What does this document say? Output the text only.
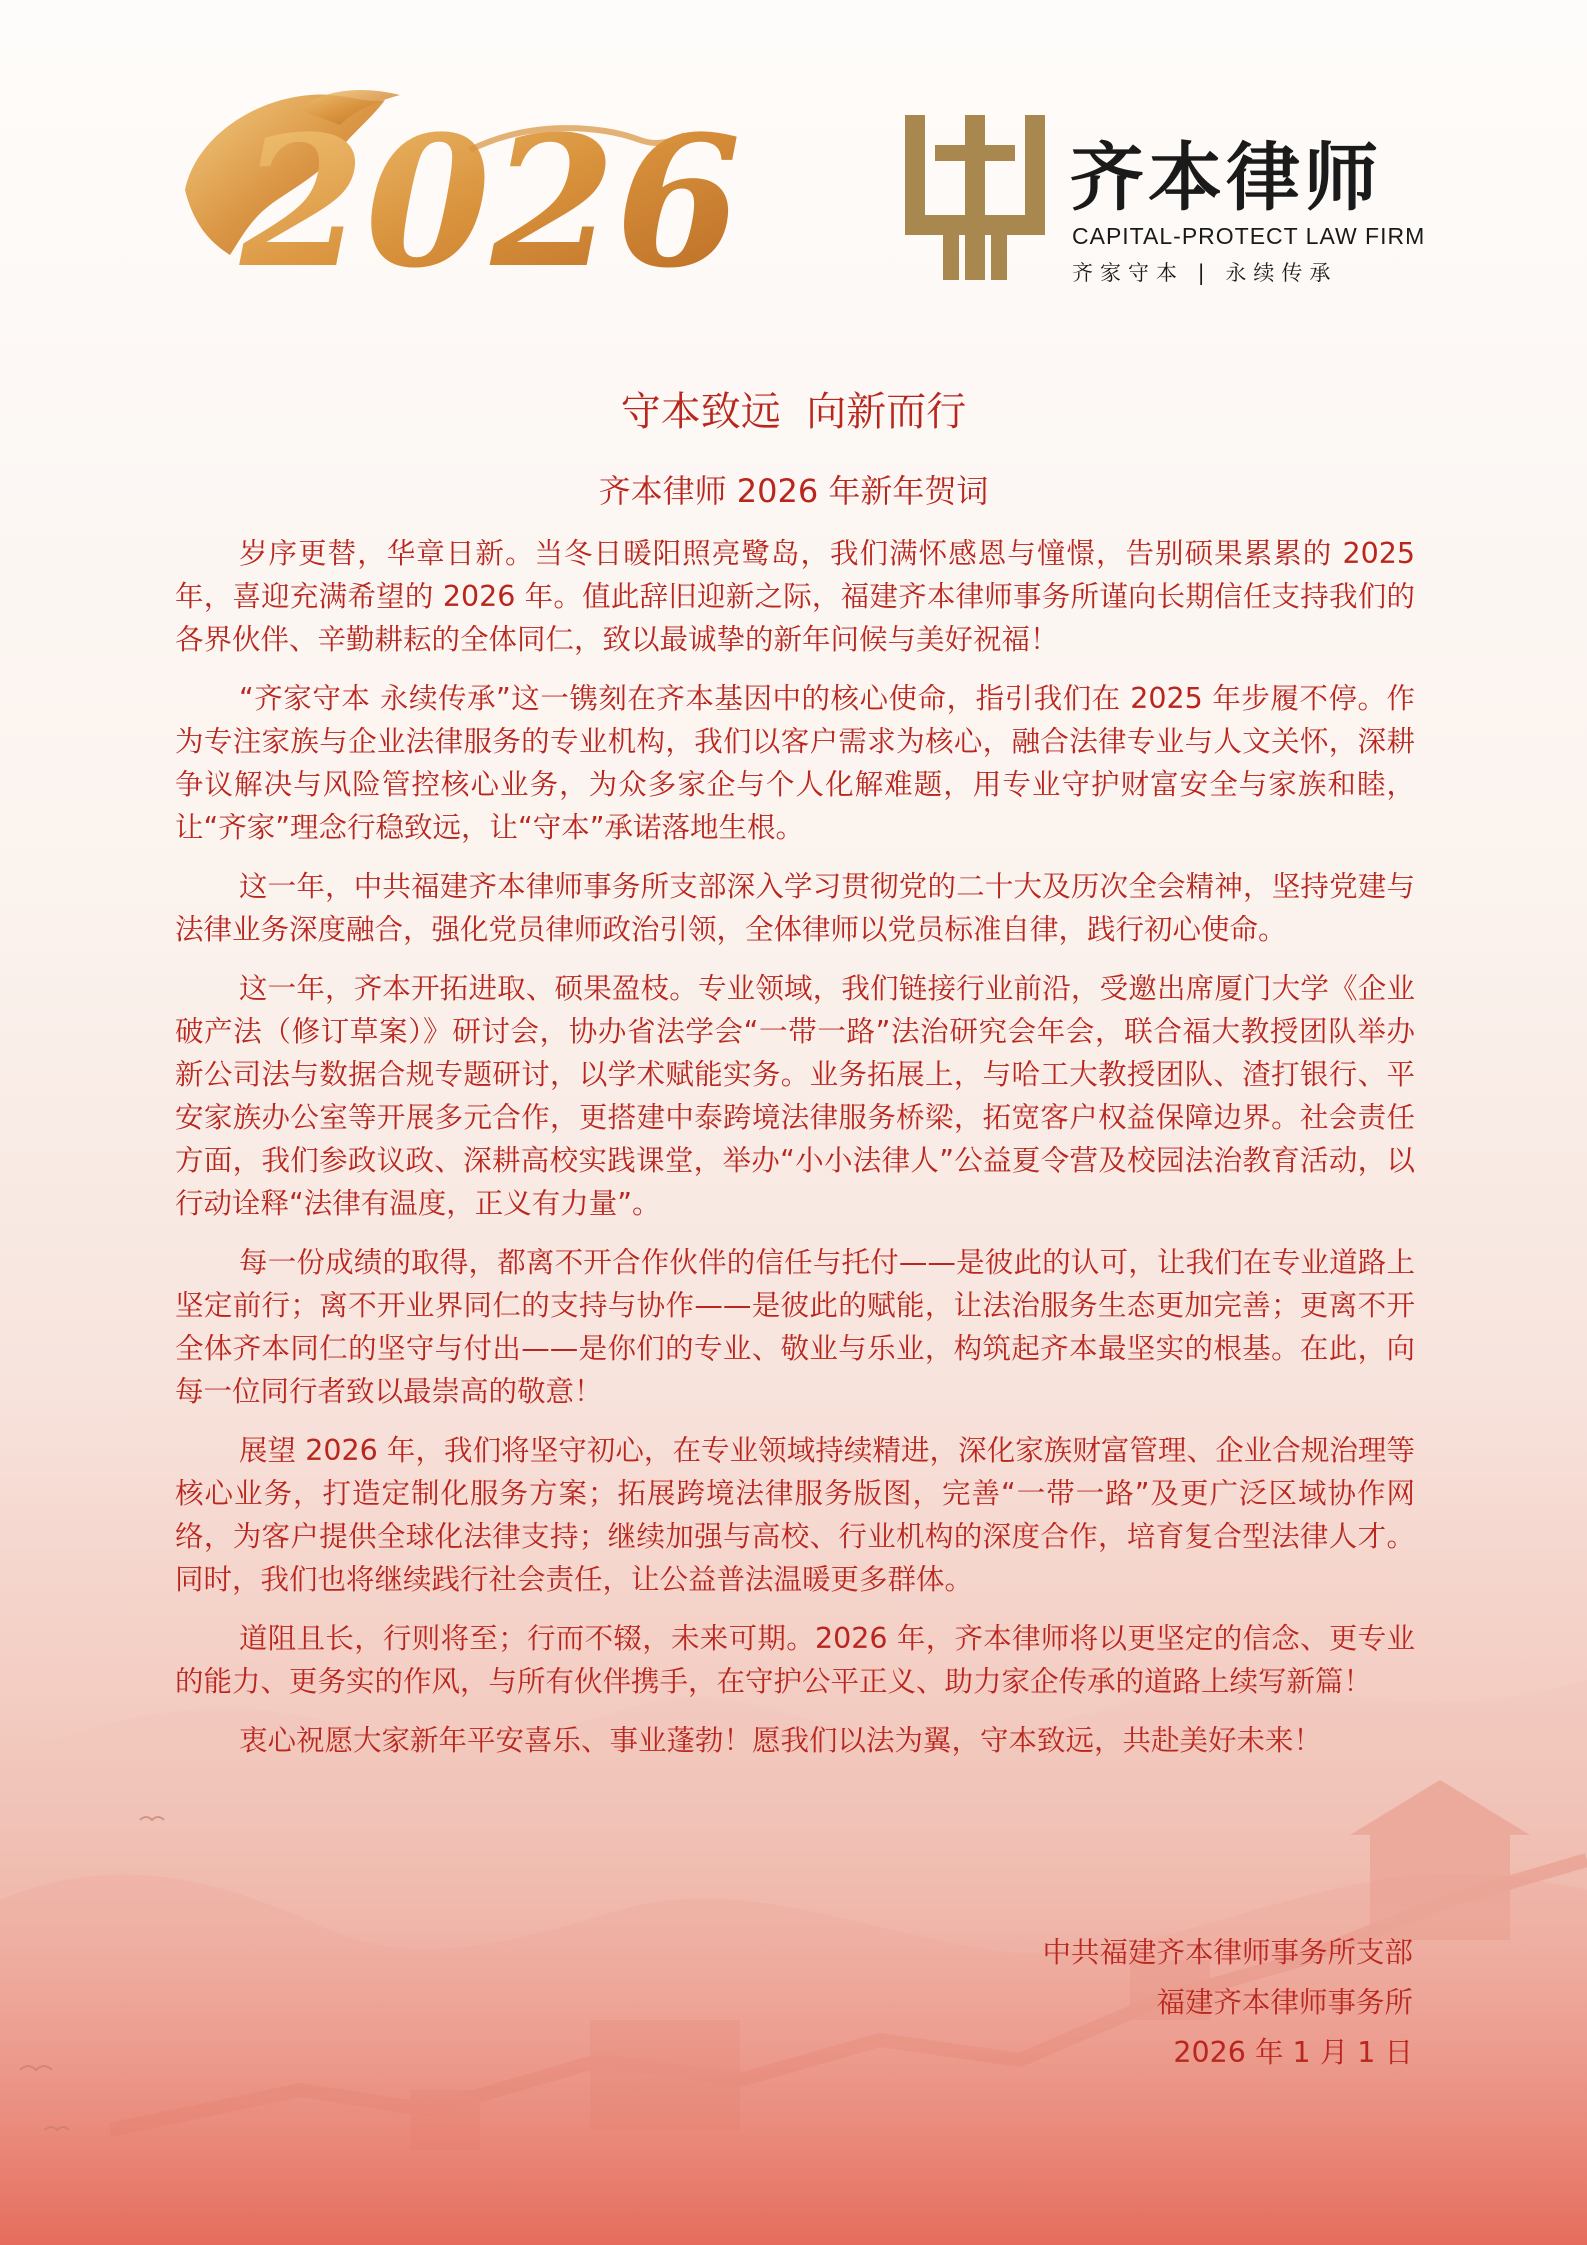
2026	齐本律师
CAPITAL-PROTECT LAW FIRM
齐家守本 | 永续传承
守本致远  向新而行
齐本律师 2026 年新年贺词

岁序更替，华章日新。当冬日暖阳照亮鹭岛，我们满怀感恩与憧憬，告别硕果累累的 2025 年，喜迎充满希望的 2026 年。值此辞旧迎新之际，福建齐本律师事务所谨向长期信任支持我们的各界伙伴、辛勤耕耘的全体同仁，致以最诚挚的新年问候与美好祝福！

“齐家守本 永续传承”这一镌刻在齐本基因中的核心使命，指引我们在 2025 年步履不停。作为专注家族与企业法律服务的专业机构，我们以客户需求为核心，融合法律专业与人文关怀，深耕争议解决与风险管控核心业务，为众多家企与个人化解难题，用专业守护财富安全与家族和睦，让“齐家”理念行稳致远，让“守本”承诺落地生根。

这一年，中共福建齐本律师事务所支部深入学习贯彻党的二十大及历次全会精神，坚持党建与法律业务深度融合，强化党员律师政治引领，全体律师以党员标准自律，践行初心使命。

这一年，齐本开拓进取、硕果盈枝。专业领域，我们链接行业前沿，受邀出席厦门大学《企业破产法（修订草案）》研讨会，协办省法学会“一带一路”法治研究会年会，联合福大教授团队举办新公司法与数据合规专题研讨，以学术赋能实务。业务拓展上，与哈工大教授团队、渣打银行、平安家族办公室等开展多元合作，更搭建中泰跨境法律服务桥梁，拓宽客户权益保障边界。社会责任方面，我们参政议政、深耕高校实践课堂，举办“小小法律人”公益夏令营及校园法治教育活动，以行动诠释“法律有温度，正义有力量”。

每一份成绩的取得，都离不开合作伙伴的信任与托付——是彼此的认可，让我们在专业道路上坚定前行；离不开业界同仁的支持与协作——是彼此的赋能，让法治服务生态更加完善；更离不开全体齐本同仁的坚守与付出——是你们的专业、敬业与乐业，构筑起齐本最坚实的根基。在此，向每一位同行者致以最崇高的敬意！

展望 2026 年，我们将坚守初心，在专业领域持续精进，深化家族财富管理、企业合规治理等核心业务，打造定制化服务方案；拓展跨境法律服务版图，完善“一带一路”及更广泛区域协作网络，为客户提供全球化法律支持；继续加强与高校、行业机构的深度合作，培育复合型法律人才。同时，我们也将继续践行社会责任，让公益普法温暖更多群体。

道阻且长，行则将至；行而不辍，未来可期。2026 年，齐本律师将以更坚定的信念、更专业的能力、更务实的作风，与所有伙伴携手，在守护公平正义、助力家企传承的道路上续写新篇！

衷心祝愿大家新年平安喜乐、事业蓬勃！愿我们以法为翼，守本致远，共赴美好未来！

中共福建齐本律师事务所支部
福建齐本律师事务所
2026 年 1 月 1 日
